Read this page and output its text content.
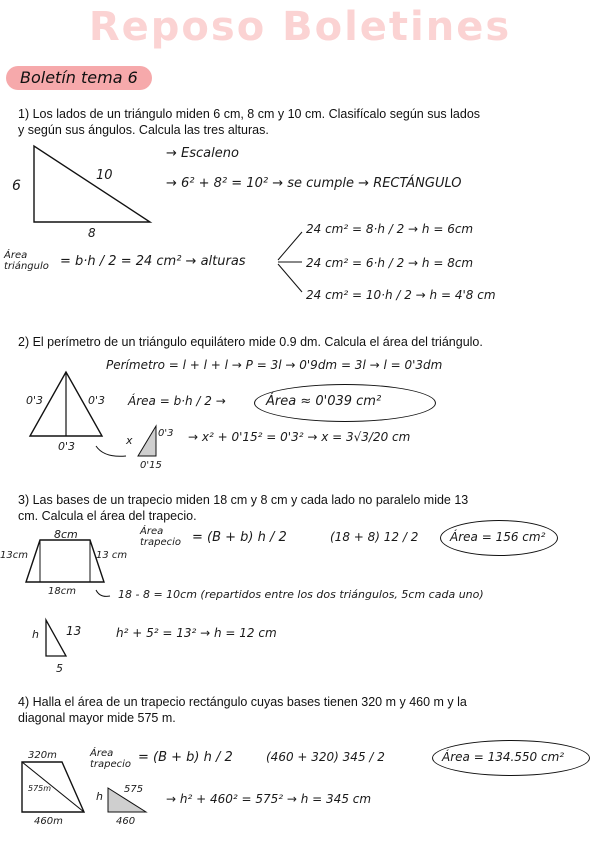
Reposo Boletines
Boletín tema 6
1) Los lados de un triángulo miden 6 cm, 8 cm y 10 cm. Clasifícalo según sus lados y según sus ángulos. Calcula las tres alturas.
6
10
8
→ Escaleno
→ 6² + 8² = 10² → se cumple → RECTÁNGULO
Área triángulo = b·h / 2 = 24 cm² → alturas
24 cm² = 8·h / 2 → h = 6cm
24 cm² = 6·h / 2 → h = 8cm
24 cm² = 10·h / 2 → h = 4'8 cm
2) El perímetro de un triángulo equilátero mide 0.9 dm. Calcula el área del triángulo.
Perímetro = l + l + l → P = 3l → 0'9dm = 3l → l = 0'3dm
Área = b·h / 2 →	Área ≈ 0'039 cm²
0'3	0'3
0'3	x
0'3
0'15
→ x² + 0'15² = 0'3² → x = 3√3/20 cm
3) Las bases de un trapecio miden 18 cm y 8 cm y cada lado no paralelo mide 13 cm. Calcula el área del trapecio.
8cm
13cm	13 cm
18cm
Área trapecio = (B + b) h / 2	(18 + 8) 12 / 2	Área = 156 cm²
18 - 8 = 10cm (repartidos entre los dos triángulos, 5cm cada uno)
h 13
5
h² + 5² = 13² → h = 12 cm
4) Halla el área de un trapecio rectángulo cuyas bases tienen 320 m y 460 m y la diagonal mayor mide 575 m.
320m
575m
460m
Área trapecio = (B + b) h / 2	(460 + 320) 345 / 2	Área = 134.550 cm²
h
575
460
→ h² + 460² = 575² → h = 345 cm
